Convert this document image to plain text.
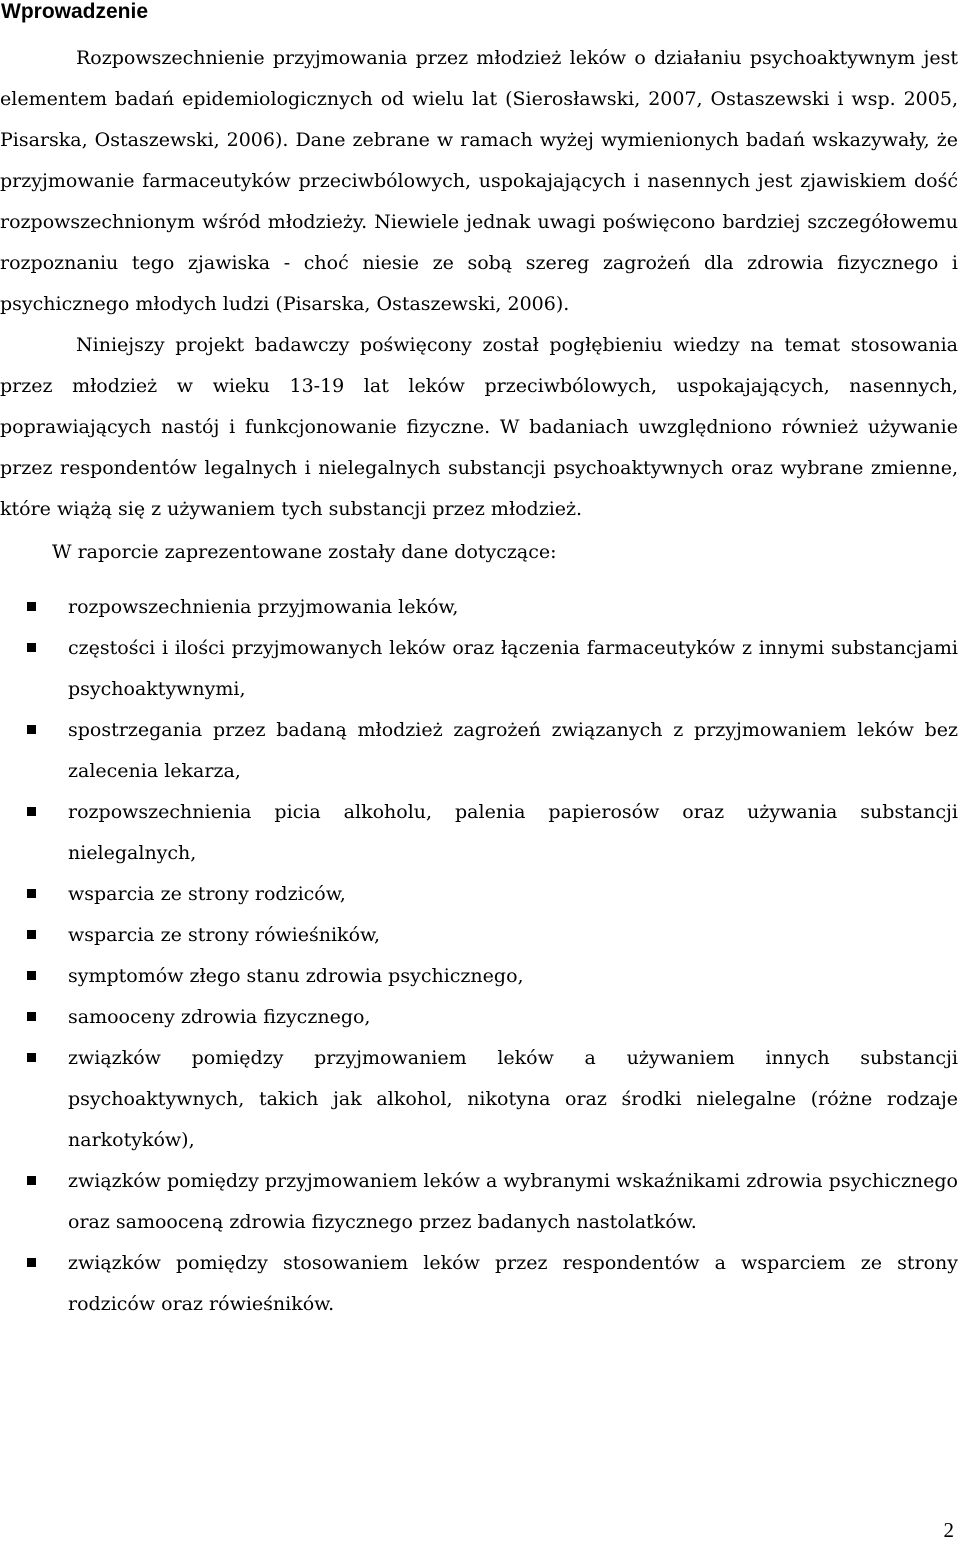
Wprowadzenie

Rozpowszechnienie przyjmowania przez młodzież leków o działaniu psychoaktywnym jest elementem badań epidemiologicznych od wielu lat (Sierosławski, 2007, Ostaszewski i wsp. 2005, Pisarska, Ostaszewski, 2006). Dane zebrane w ramach wyżej wymienionych badań wskazywały, że przyjmowanie farmaceutyków przeciwbólowych, uspokajających i nasennych jest zjawiskiem dość rozpowszechnionym wśród młodzieży. Niewiele jednak uwagi poświęcono bardziej szczegółowemu rozpoznaniu tego zjawiska - choć niesie ze sobą szereg zagrożeń dla zdrowia fizycznego i psychicznego młodych ludzi (Pisarska, Ostaszewski, 2006).

Niniejszy projekt badawczy poświęcony został pogłębieniu wiedzy na temat stosowania przez młodzież w wieku 13-19 lat leków przeciwbólowych, uspokajających, nasennych, poprawiających nastój i funkcjonowanie fizyczne. W badaniach uwzględniono również używanie przez respondentów legalnych i nielegalnych substancji psychoaktywnych oraz wybrane zmienne, które wiążą się z używaniem tych substancji przez młodzież.

W raporcie zaprezentowane zostały dane dotyczące:

rozpowszechnienia przyjmowania leków,
częstości i ilości przyjmowanych leków oraz łączenia farmaceutyków z innymi substancjami psychoaktywnymi,
spostrzegania przez badaną młodzież zagrożeń związanych z przyjmowaniem leków bez zalecenia lekarza,
rozpowszechnienia picia alkoholu, palenia papierosów oraz używania substancji nielegalnych,
wsparcia ze strony rodziców,
wsparcia ze strony rówieśników,
symptomów złego stanu zdrowia psychicznego,
samooceny zdrowia fizycznego,
związków pomiędzy przyjmowaniem leków a używaniem innych substancji psychoaktywnych, takich jak alkohol, nikotyna oraz środki nielegalne (różne rodzaje narkotyków),
związków pomiędzy przyjmowaniem leków a wybranymi wskaźnikami zdrowia psychicznego oraz samooceną zdrowia fizycznego przez badanych nastolatków.
związków pomiędzy stosowaniem leków przez respondentów a wsparciem ze strony rodziców oraz rówieśników.
2
